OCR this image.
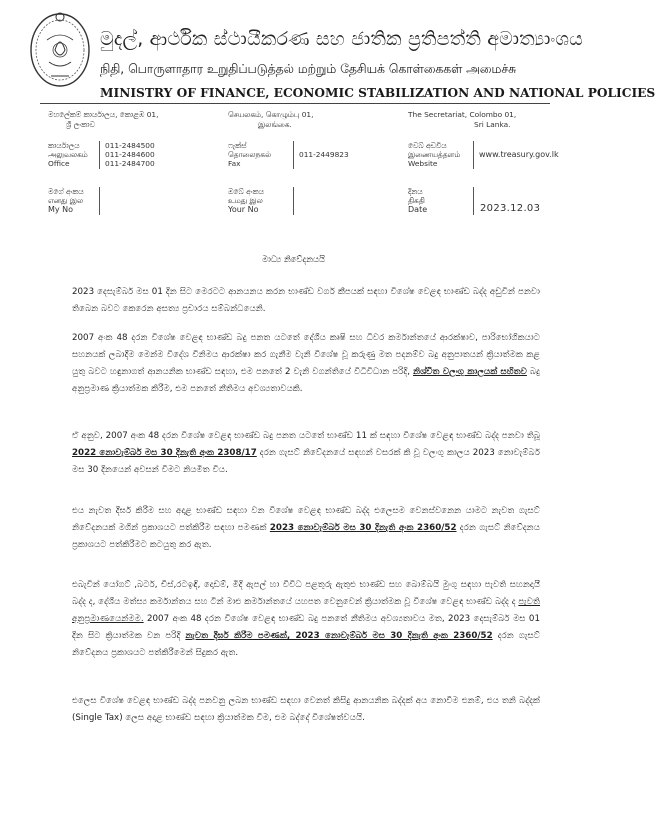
මුදල්, ආර්ථික ස්ථායීකරණ සහ ජාතික ප්‍රතිපත්ති අමාත්‍යාංශය
நிதி, பொருளாதார உறுதிப்படுத்தல் மற்றும் தேசியக் கொள்கைகள் அமைச்சு
MINISTRY OF FINANCE, ECONOMIC STABILIZATION AND NATIONAL POLICIES
මහලේකම් කාර්යාලය, කොළඹ 01,
ශ්‍රී ලංකාව
செயலகம், கொழும்பு 01,
இலங்கை.
The Secretariat, Colombo 01,
Sri Lanka.
කාර්යාලය
அலுவலகம்
Office
011-2484500
011-2484600
011-2484700
ෆැක්ස්
தொலைநகல்
Fax
011-2449823
වෙබ් අඩවිය
இணையத்தளம்
Website
www.treasury.gov.lk
මගේ අංකය
எனது இல
My No
ඔබේ අංකය
உமது இல
Your No
දිනය
திகதி
Date	2023.12.03
මාධ්‍ය නිවේදනයයි
2023 දෙසැම්බර් මස 01 දින සිට මෙරටට ආනයනය කරන භාණ්ඩ වර්ග කීපයක් සඳහා විශේෂ වෙළඳ භාණ්ඩ බද්ද අඩුවින් පනවා තිබෙන බවට කෙරෙන අසත්‍ය ප්‍රචාරය සම්බන්ධයෙනි.
2007 අංක 48 දරන විශේෂ වෙළඳ භාණ්ඩ බදු පනත යටතේ දේශීය කෘෂි සහ ධීවර කර්මාන්තයේ ආරක්ෂාව, පාරිභෝගිකයාට සහනයක් ලබාදීම මෙන්ම විදේශ විනිමය ආරක්ෂා කර ගැනීම වැනි විශේෂ වූ කරුණු මත පදනම්ව බදු අනුපාතයන් ක්‍රියාත්මක කළ යුතු බවට හඳුනාගත් ආනයනික භාණ්ඩ සඳහා, එම පනතේ 2 වැනි වගන්තියේ විධිවිධාන පරිදි, නිශ්චිත වලංගු කාලයක් සහිතව බදු අනුප්‍රමාණ ක්‍රියාත්මක කිරීම, එම පනතේ නීතිමය අවශ්‍යතාවයකි.
ඒ අනුව, 2007 අංක 48 දරන විශේෂ වෙළඳ භාණ්ඩ බදු පනත යටතේ භාණ්ඩ 11 ක් සඳහා විශේෂ වෙළඳ භාණ්ඩ බද්ද පනවා තිබූ 2022 නොවැම්බර් මස 30 දිනැති අංක 2308/17 දරන ගැසට් නිවේදනයේ සඳහන් වසරක් කි වූ වලංගු කාලය 2023 නොවැම්බර් මස 30 දිනයෙන් අවසන් වීමට නියමිත විය.
එය නැවත දීර්ඝ කිරීම සහ අදාළ භාණ්ඩ සඳහා වන විශේෂ වෙළඳ භාණ්ඩ බද්ද එලෙසම වෙනස්වනෙන යාමට නැවත ගැසට් නිවේදනයක් මගින් ප්‍රකාශයට පත්කිරීම සඳහා පමණක් 2023 නොවැම්බර් මස 30 දිනැති අංක 2360/52 දරන ගැසට් නිවේදනය ප්‍රකාශයට පත්කිරීමට කටයුතු කර ඇත.
එබැවින් යෝගට් ,බටර්, චීස්,රටඉඳි, දොඩම්, මිදි ඇපල් හා විවිධ පළතුරු ඇතුළු භාණ්ඩ සහ බොම්බයි මුංගු සඳහා පැවති සහනදායී බද්ද ද, දේශීය මත්ස්‍ය කර්මාන්තය සහ ටින් මාළු කර්මාන්තයේ යහපත වෙනුවෙන් ක්‍රියාත්මක වූ විශේෂ වෙළඳ භාණ්ඩ බද්ද ද පැවති අනුප්‍රමාණයෙන්මම. 2007 අංක 48 දරන විශේෂ වෙළඳ භාණ්ඩ බදු පනතේ නීතිමය අවශ්‍යතාවය මත, 2023 දෙසැම්බර් මස 01 දින සිට ක්‍රියාත්මක වන පරිදි නැවත දීර්ඝ කිරීම පමණක්, 2023 නොවැම්බර් මස 30 දිනැති අංක 2360/52 දරන ගැසට් නිවේදනය ප්‍රකාශයට පත්කිරීමෙන් සිදුකර ඇත.
එලෙස විශේෂ වෙළඳ භාණ්ඩ බද්ද පනවනු ලබන භාණ්ඩ සඳහා වෙනත් කිසිදු ආනයනික බද්දක් අය නොවීම එනම්, එය තනි බද්දක් (Single Tax) ලෙස අදාළ භාණ්ඩ සඳහා ක්‍රියාත්මක වීම, එම බද්දේ විශේෂත්වයයි.
